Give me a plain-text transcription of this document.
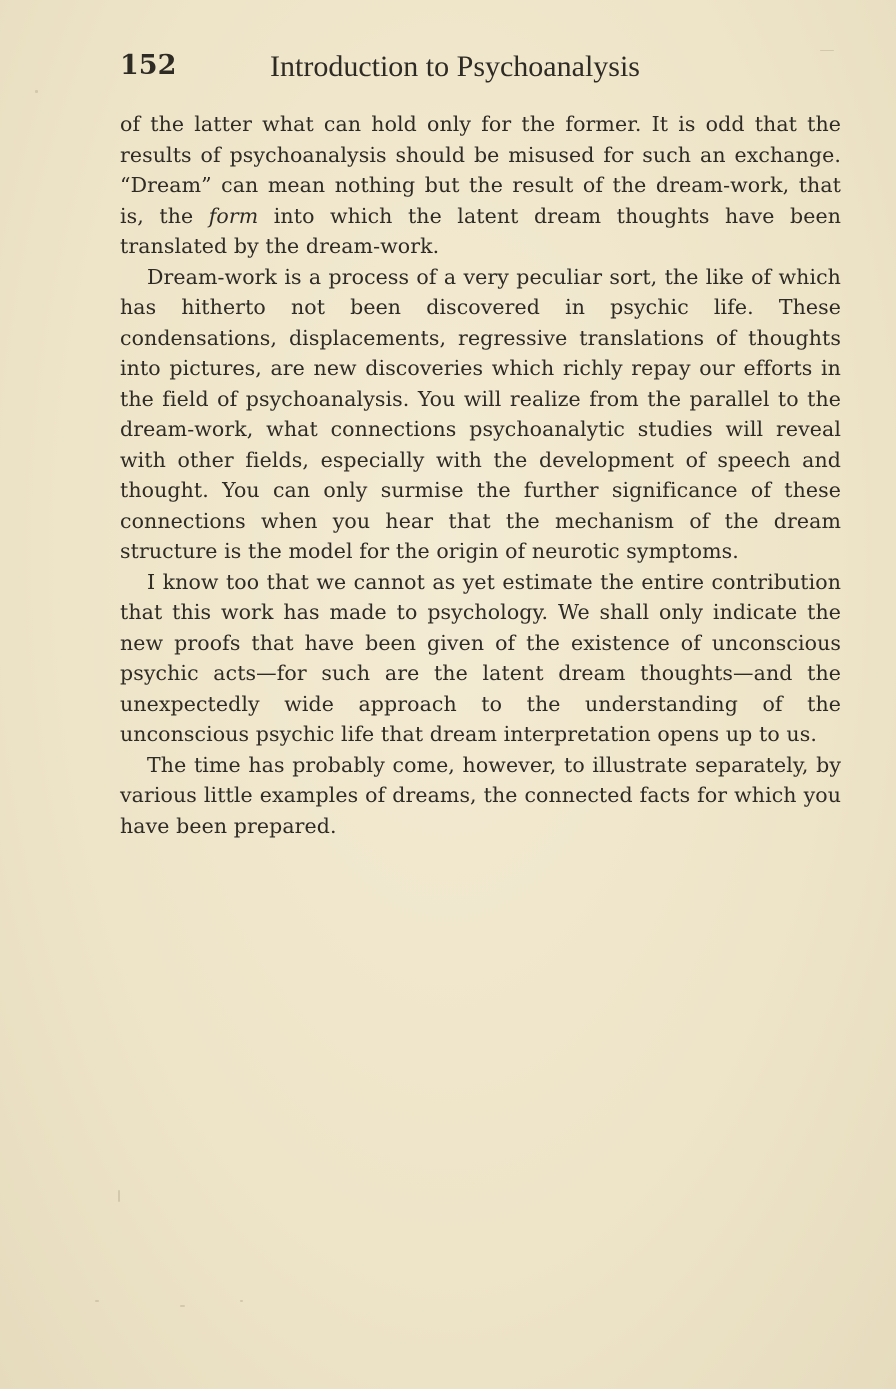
152	Introduction to Psychoanalysis

of the latter what can hold only for the former. It is odd that the results of psychoanalysis should be misused for such an exchange. “Dream” can mean nothing but the result of the dream-work, that is, the form into which the latent dream thoughts have been translated by the dream-work.

Dream-work is a process of a very peculiar sort, the like of which has hitherto not been discovered in psychic life. These condensations, displacements, regressive translations of thoughts into pictures, are new discoveries which richly repay our efforts in the field of psychoanalysis. You will realize from the parallel to the dream-work, what connections psychoanalytic studies will reveal with other fields, especially with the development of speech and thought. You can only surmise the further significance of these connections when you hear that the mechanism of the dream structure is the model for the origin of neurotic symptoms.

I know too that we cannot as yet estimate the entire contribution that this work has made to psychology. We shall only indicate the new proofs that have been given of the existence of unconscious psychic acts—for such are the latent dream thoughts—and the unexpectedly wide approach to the understanding of the unconscious psychic life that dream interpretation opens up to us.

The time has probably come, however, to illustrate separately, by various little examples of dreams, the connected facts for which you have been prepared.
